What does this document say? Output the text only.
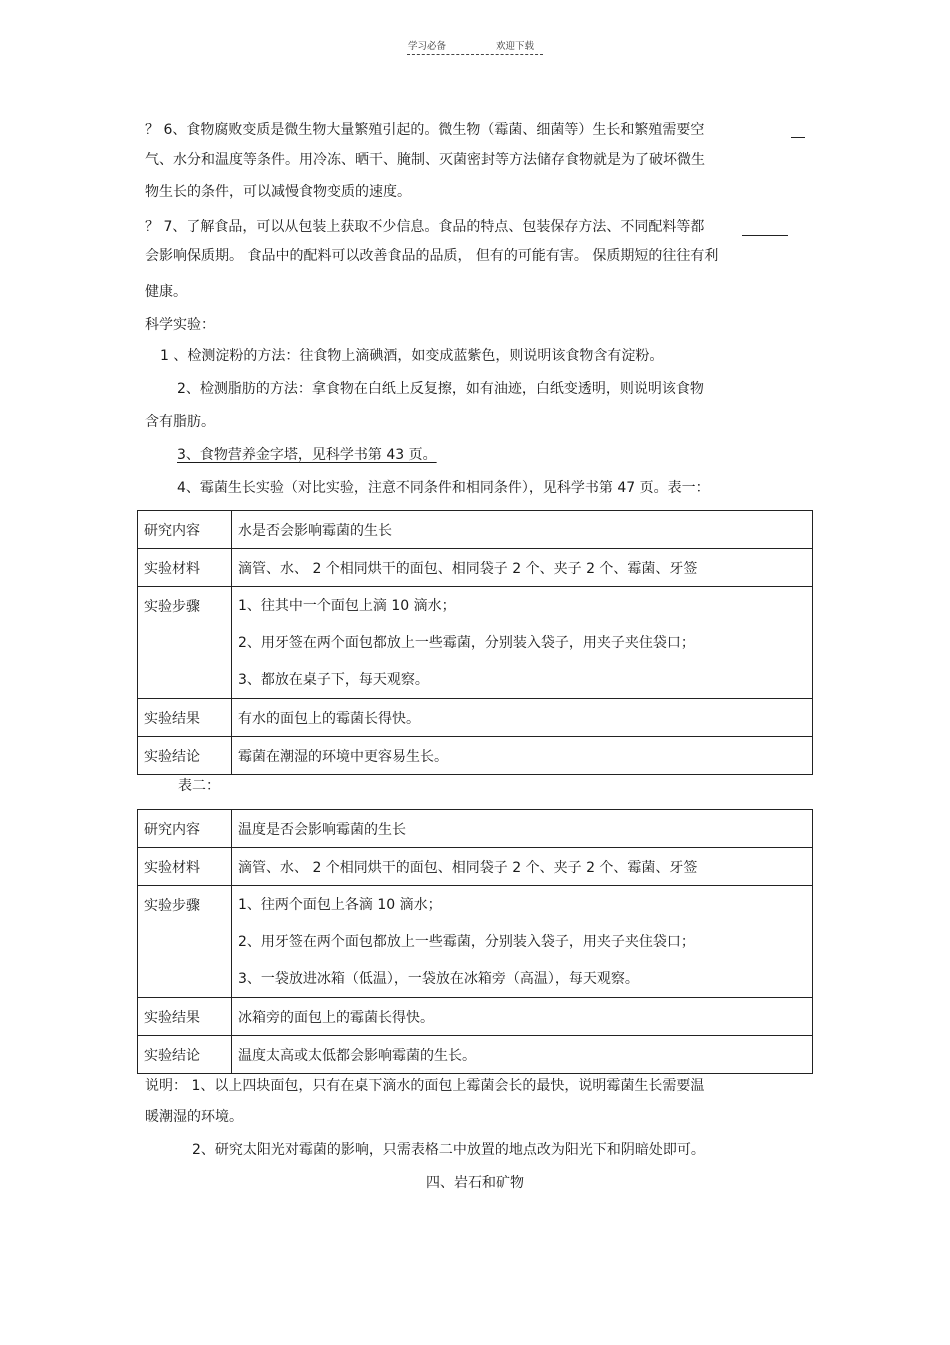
学习必备	欢迎下载
？ 6、食物腐败变质是微生物大量繁殖引起的。微生物（霉菌、细菌等）生长和繁殖需要空
气、水分和温度等条件。用冷冻、晒干、腌制、灭菌密封等方法储存食物就是为了破坏微生
物生长的条件，可以减慢食物变质的速度。
？ 7、了解食品，可以从包装上获取不少信息。食品的特点、包装保存方法、不同配料等都
会影响保质期。 食品中的配料可以改善食品的品质， 但有的可能有害。 保质期短的往往有利
健康。
科学实验：
1 、检测淀粉的方法：往食物上滴碘酒，如变成蓝紫色，则说明该食物含有淀粉。
2、检测脂肪的方法：拿食物在白纸上反复擦，如有油迹，白纸变透明，则说明该食物
含有脂肪。
3、食物营养金字塔，见科学书第 43 页。
4、霉菌生长实验（对比实验，注意不同条件和相同条件），见科学书第 47 页。表一：
研究内容	水是否会影响霉菌的生长
实验材料	滴管、水、 2 个相同烘干的面包、相同袋子 2 个、夹子 2 个、霉菌、牙签
实验步骤	1、往其中一个面包上滴 10 滴水；
2、用牙签在两个面包都放上一些霉菌，分别装入袋子，用夹子夹住袋口；
3、都放在桌子下，每天观察。

实验结果	有水的面包上的霉菌长得快。
实验结论	霉菌在潮湿的环境中更容易生长。
表二：
研究内容	温度是否会影响霉菌的生长
实验材料	滴管、水、 2 个相同烘干的面包、相同袋子 2 个、夹子 2 个、霉菌、牙签
实验步骤	1、往两个面包上各滴 10 滴水；
2、用牙签在两个面包都放上一些霉菌，分别装入袋子，用夹子夹住袋口；
3、一袋放进冰箱（低温），一袋放在冰箱旁（高温），每天观察。

实验结果	冰箱旁的面包上的霉菌长得快。
实验结论	温度太高或太低都会影响霉菌的生长。
说明： 1、以上四块面包，只有在桌下滴水的面包上霉菌会长的最快，说明霉菌生长需要温
暖潮湿的环境。
2、研究太阳光对霉菌的影响，只需表格二中放置的地点改为阳光下和阴暗处即可。
四、岩石和矿物
